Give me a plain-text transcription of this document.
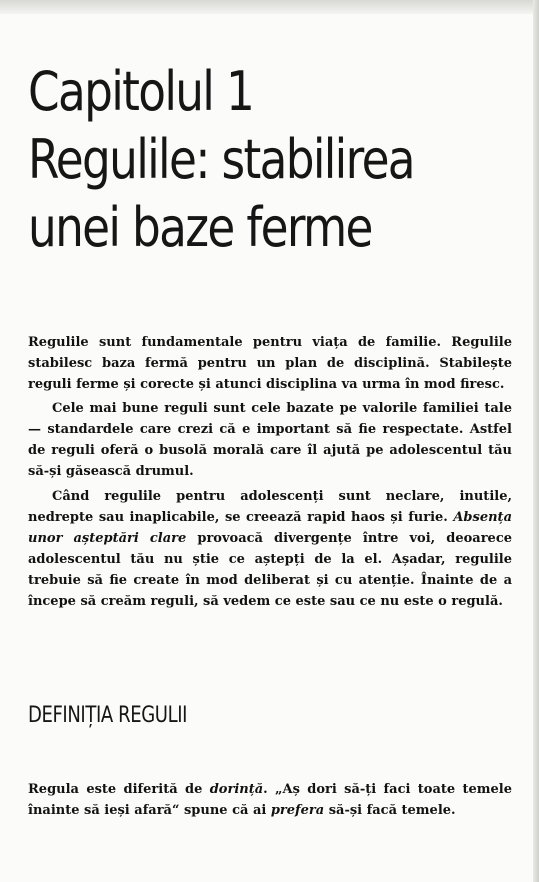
Capitolul 1
Regulile: stabilirea
unei baze ferme

Regulile sunt fundamentale pentru viața de familie. Regulile stabilesc baza fermă pentru un plan de disciplină. Stabilește reguli ferme și corecte și atunci disciplina va urma în mod firesc.

Cele mai bune reguli sunt cele bazate pe valorile familiei tale — standardele care crezi că e important să fie respectate. Astfel de reguli oferă o busolă morală care îl ajută pe adolescentul tău să-și găsească drumul.

Când regulile pentru adolescenți sunt neclare, inutile, nedrepte sau inaplicabile, se creează rapid haos și furie. Absența unor așteptări clare provoacă divergențe între voi, deoarece adolescentul tău nu știe ce aștepți de la el. Așadar, regulile trebuie să fie create în mod deliberat și cu atenție. Înainte de a începe să creăm reguli, să vedem ce este sau ce nu este o regulă.

DEFINIȚIA REGULII

Regula este diferită de dorință. „Aș dori să-ți faci toate temele înainte să ieși afară“ spune că ai prefera să-și facă temele.
